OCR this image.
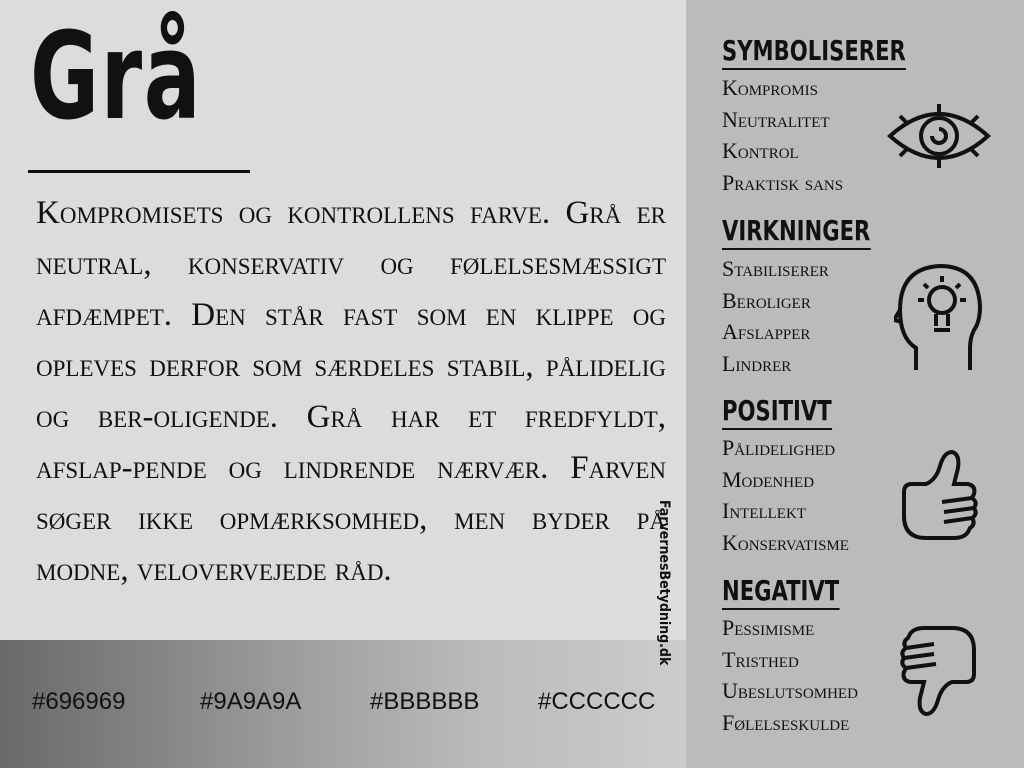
Grå

Kompromisets og kontrollens farve. Grå er neutral, konservativ og følelsesmæssigt afdæmpet. Den står fast som en klippe og opleves derfor som særdeles stabil, pålidelig og ber-oligende. Grå har et fredfyldt, afslap-pende og lindrende nærvær. Farven søger ikke opmærksomhed, men byder på modne, velovervejede råd.

#696969	#9A9A9A	#BBBBBB #CCCCCC
FarvernesBetydning.dk
SYMBOLISERER
Kompromis
Neutralitet
Kontrol
Praktisk sans
VIRKNINGER
Stabiliserer
Beroliger
Afslapper
Lindrer
POSITIVT
Pålidelighed
Modenhed
Intellekt
Konservatisme
NEGATIVT
Pessimisme
Tristhed
Ubeslutsomhed
Følelseskulde
